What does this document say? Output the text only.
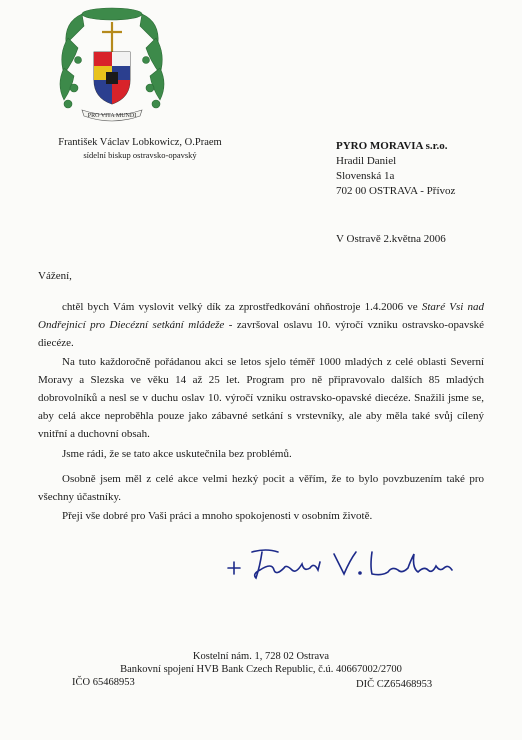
PRO VITA MUNDI
František Václav Lobkowicz, O.Praem
sídelní biskup ostravsko-opavský
PYRO MORAVIA s.r.o.
Hradil Daniel
Slovenská 1a
702 00 OSTRAVA - Přívoz
V Ostravě 2.května 2006
Vážení,
chtěl bych Vám vyslovit velký dík za zprostředkování ohňostroje 1.4.2006 ve Staré Vsi nad Ondřejnicí pro Diecézní setkání mládeže - završoval oslavu 10. výročí vzniku ostravsko-opavské diecéze.
Na tuto každoročně pořádanou akci se letos sjelo téměř 1000 mladých z celé oblasti Severní Moravy a Slezska ve věku 14 až 25 let. Program pro ně připravovalo dalších 85 mladých dobrovolníků a nesl se v duchu oslav 10. výročí vzniku ostravsko-opavské diecéze. Snažili jsme se, aby celá akce neproběhla pouze jako zábavné setkání s vrstevníky, ale aby měla také svůj cílený vnitřní a duchovní obsah.
Jsme rádi, že se tato akce uskutečnila bez problémů.
Osobně jsem měl z celé akce velmi hezký pocit a věřím, že to bylo povzbuzením také pro všechny účastníky.
Přeji vše dobré pro Vaši práci a mnoho spokojenosti v osobním životě.
Kostelní nám. 1, 728 02 Ostrava
Bankovní spojení HVB Bank Czech Republic, č.ú. 40667002/2700
IČO 65468953	DIČ CZ65468953
